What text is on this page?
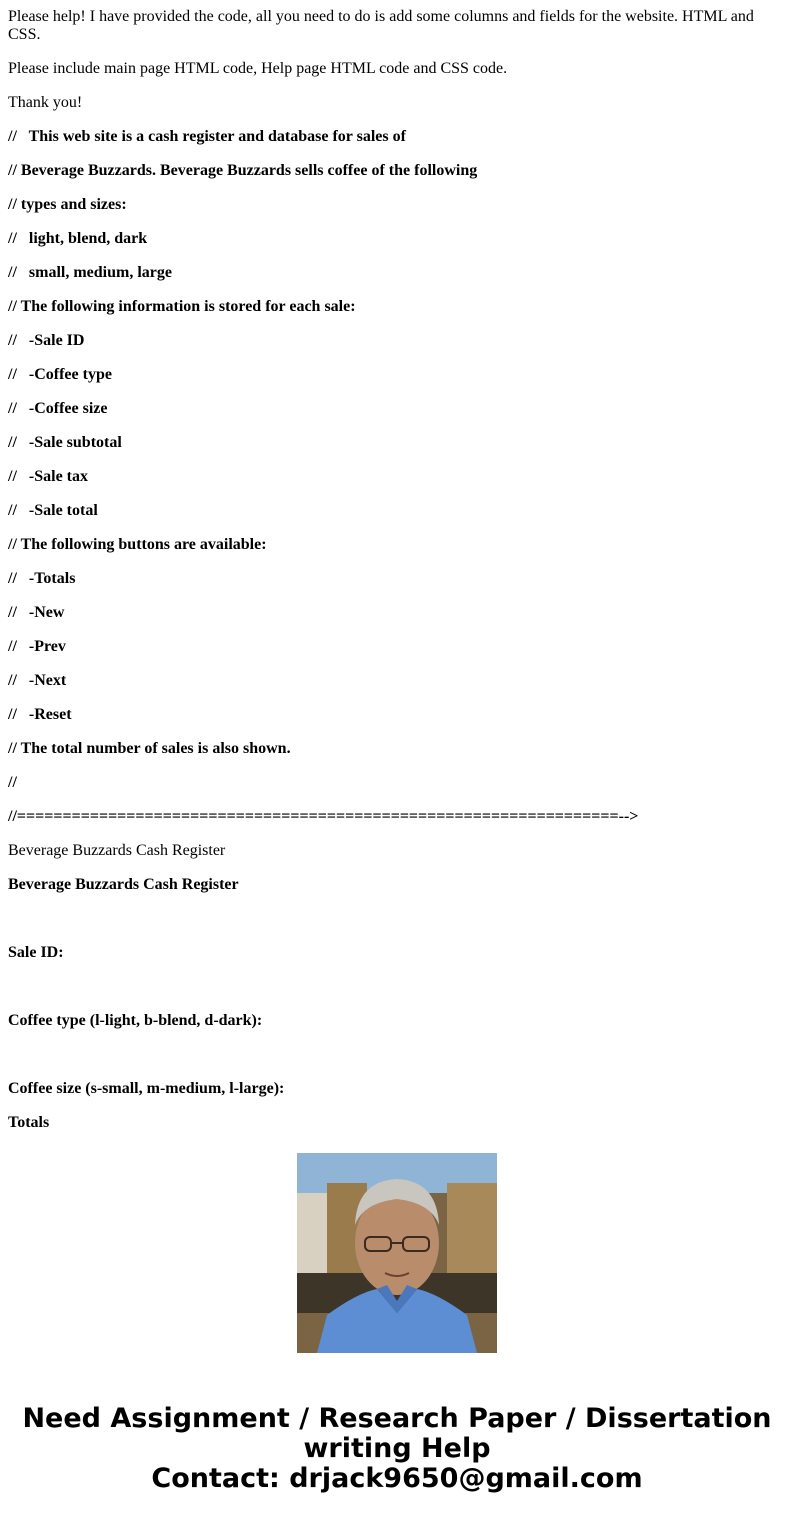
Please help! I have provided the code, all you need to do is add some columns and fields for the website. HTML and CSS.

Please include main page HTML code, Help page HTML code and CSS code.

Thank you!

//   This web site is a cash register and database for sales of

// Beverage Buzzards. Beverage Buzzards sells coffee of the following

// types and sizes:

//   light, blend, dark

//   small, medium, large

// The following information is stored for each sale:

//   -Sale ID

//   -Coffee type

//   -Coffee size

//   -Sale subtotal

//   -Sale tax

//   -Sale total

// The following buttons are available:

//   -Totals

//   -New

//   -Prev

//   -Next

//   -Reset

// The total number of sales is also shown.

//

//==================================================================-->

Beverage Buzzards Cash Register

Beverage Buzzards Cash Register

Sale ID:

Coffee type (l-light, b-blend, d-dark):

Coffee size (s-small, m-medium, l-large):

Totals

Need Assignment / Research Paper / Dissertation
writing Help
Contact: drjack9650@gmail.com
